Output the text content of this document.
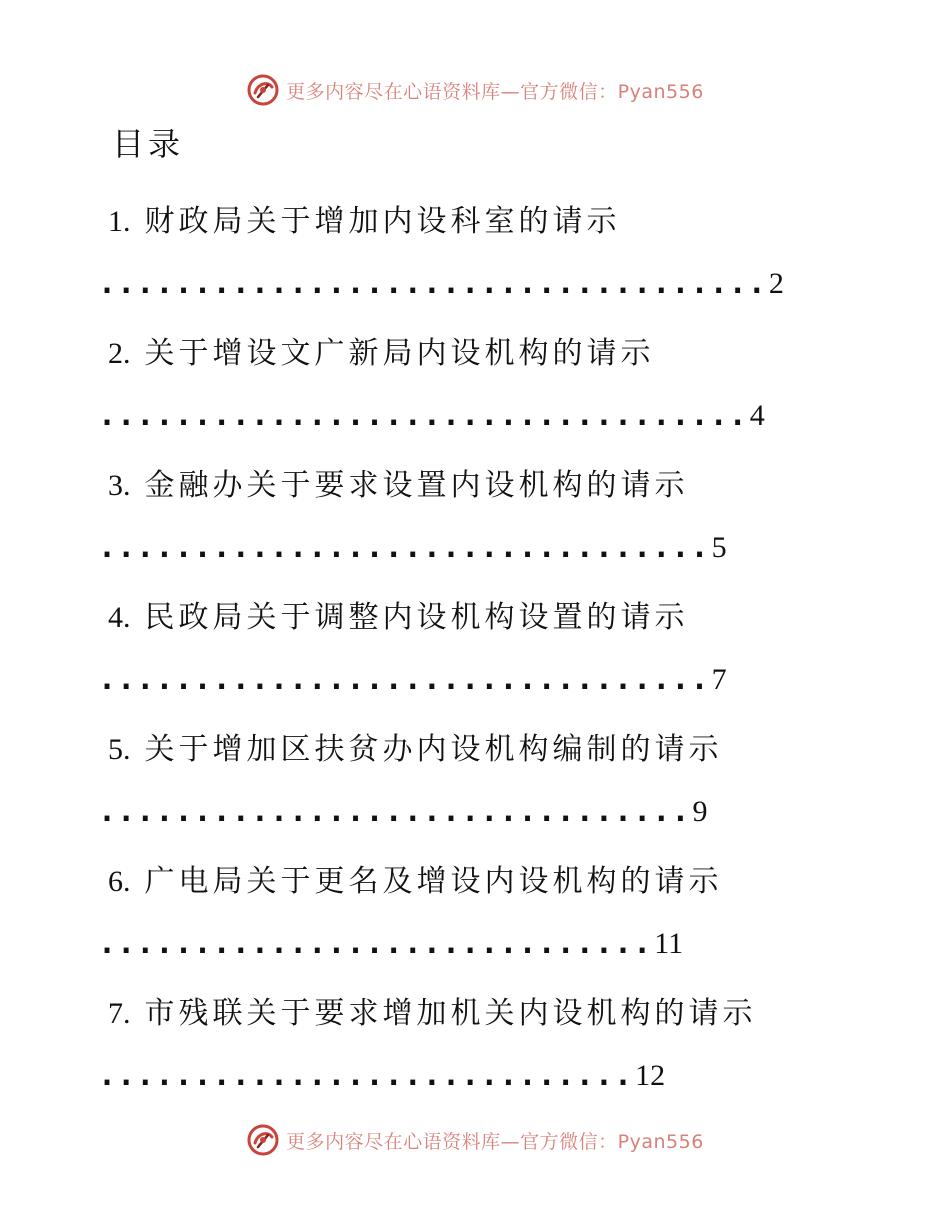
更多内容尽在心语资料库—官方微信：Pyan556
目录
1. 财政局关于增加内设科室的请示
................................... 2
2. 关于增设文广新局内设机构的请示
.................................. 4
3. 金融办关于要求设置内设机构的请示
................................ 5
4. 民政局关于调整内设机构设置的请示
................................ 7
5. 关于增加区扶贫办内设机构编制的请示
............................... 9
6. 广电局关于更名及增设内设机构的请示
............................. 11
7. 市残联关于要求增加机关内设机构的请示
............................ 12
更多内容尽在心语资料库—官方微信：Pyan556
